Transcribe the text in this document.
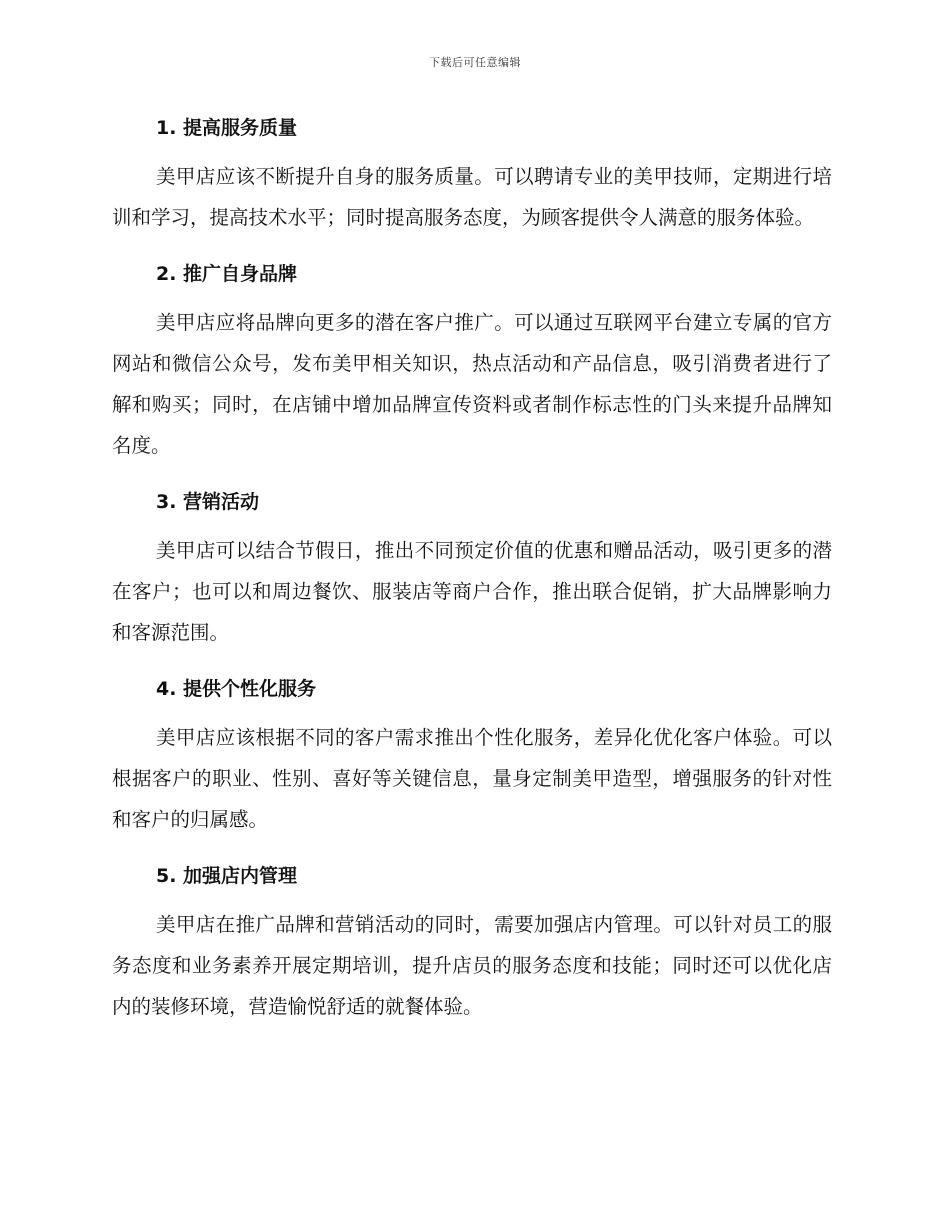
下载后可任意编辑
1. 提高服务质量

美甲店应该不断提升自身的服务质量。可以聘请专业的美甲技师，定期进行培训和学习，提高技术水平；同时提高服务态度，为顾客提供令人满意的服务体验。

2. 推广自身品牌

美甲店应将品牌向更多的潜在客户推广。可以通过互联网平台建立专属的官方网站和微信公众号，发布美甲相关知识，热点活动和产品信息，吸引消费者进行了解和购买；同时，在店铺中增加品牌宣传资料或者制作标志性的门头来提升品牌知名度。

3. 营销活动

美甲店可以结合节假日，推出不同预定价值的优惠和赠品活动，吸引更多的潜在客户；也可以和周边餐饮、服装店等商户合作，推出联合促销，扩大品牌影响力和客源范围。

4. 提供个性化服务

美甲店应该根据不同的客户需求推出个性化服务，差异化优化客户体验。可以根据客户的职业、性别、喜好等关键信息，量身定制美甲造型，增强服务的针对性和客户的归属感。

5. 加强店内管理

美甲店在推广品牌和营销活动的同时，需要加强店内管理。可以针对员工的服务态度和业务素养开展定期培训，提升店员的服务态度和技能；同时还可以优化店内的装修环境，营造愉悦舒适的就餐体验。
